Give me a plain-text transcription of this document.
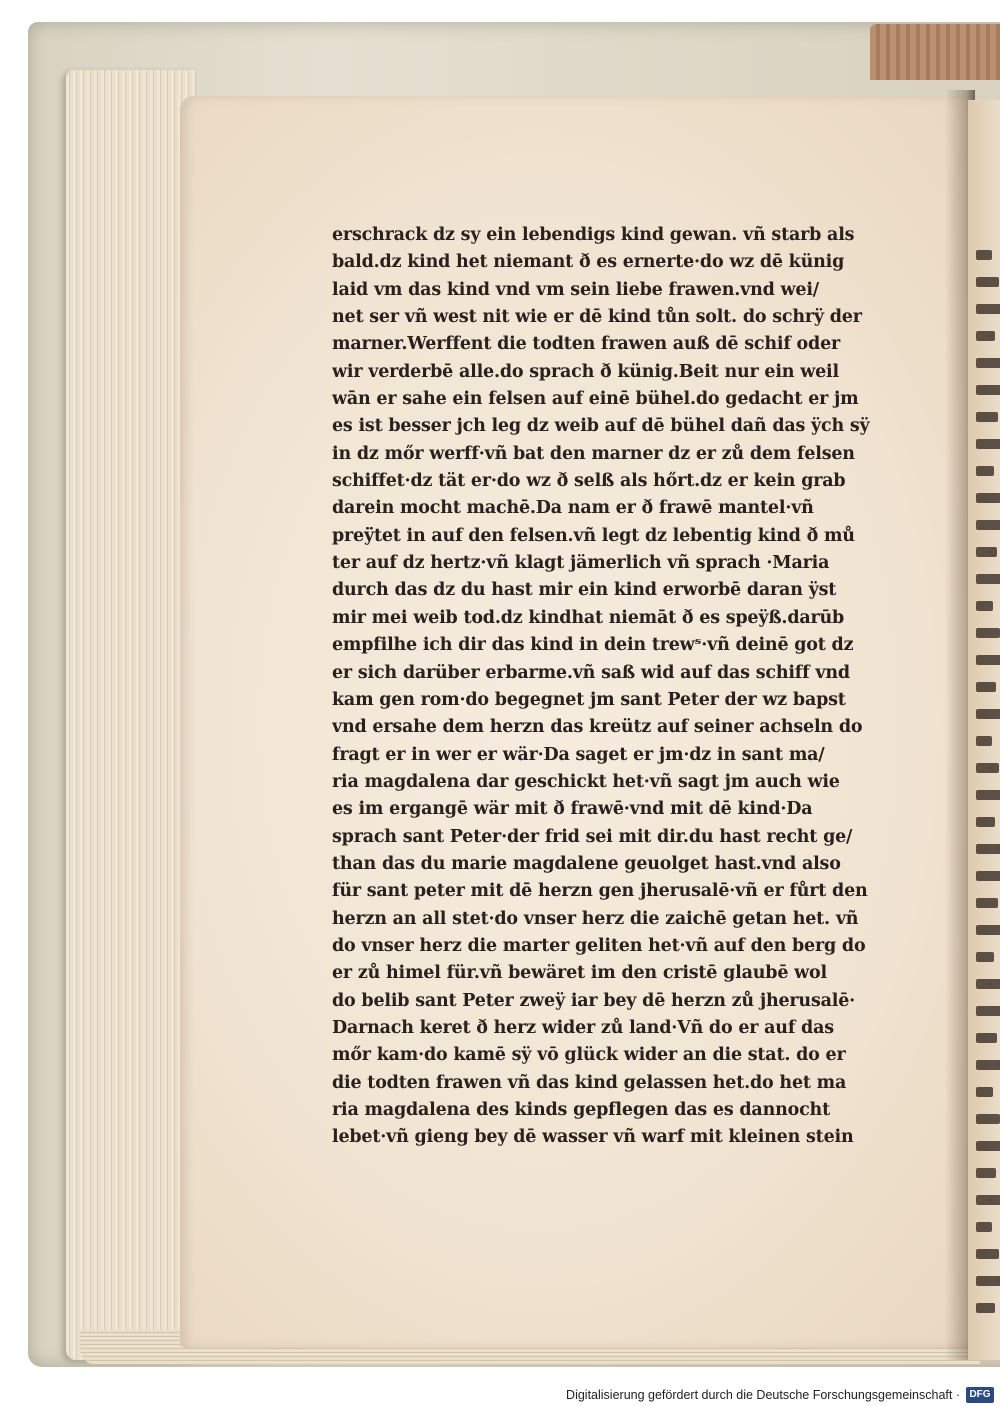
erschrack dz sy ein lebendigs kind gewan. vñ starb als
bald.dz kind het niemant ð es ernerte·do wz dē künig
laid vm das kind vnd vm sein liebe frawen.vnd wei/
net ser vñ west nit wie er dē kind tůn solt. do schrÿ der
marner.Werffent die todten frawen auß dē schif oder
wir verderbē alle.do sprach ð künig.Beit nur ein weil
wān er sahe ein felsen auf einē bühel.do gedacht er jm
es ist besser jch leg dz weib auf dē bühel dañ das ÿch sÿ
in dz mőr werff·vñ bat den marner dz er zů dem felsen
schiffet·dz tät er·do wz ð selß als hőrt.dz er kein grab
darein mocht machē.Da nam er ð frawē mantel·vñ
preÿ̈tet in auf den felsen.vñ legt dz lebentig kind ð mů
ter auf dz hertz·vñ klagt jämerlich vñ sprach ·Maria
durch das dz du hast mir ein kind erworbē daran ÿst
mir mei weib tod.dz kindhat niemāt ð es speÿß.darūb
empfilhe ich dir das kind in dein trewˢ·vñ deinē got dz
er sich darüber erbarme.vñ saß wid auf das schiff vnd
kam gen rom·do begegnet jm sant Peter der wz bapst
vnd ersahe dem herzn das kreütz auf seiner achseln do
fragt er in wer er wär·Da saget er jm·dz in sant ma/
ria magdalena dar geschickt het·vñ sagt jm auch wie
es im ergangē wär mit ð frawē·vnd mit dē kind·Da
sprach sant Peter·der frid sei mit dir.du hast recht ge/
than das du marie magdalene geuolget hast.vnd also
für sant peter mit dē herzn gen jherusalē·vñ er fůrt den
herzn an all stet·do vnser herz die zaichē getan het. vñ
do vnser herz die marter geliten het·vñ auf den berg do
er zů himel für.vñ bewäret im den cristē glaubē wol
do belib sant Peter zweÿ iar bey dē herzn zů jherusalē·
Darnach keret ð herz wider zů land·Vñ do er auf das
mőr kam·do kamē sÿ vō glück wider an die stat. do er
die todten frawen vñ das kind gelassen het.do het ma
ria magdalena des kinds gepflegen das es dannocht
lebet·vñ gieng bey dē wasser vñ warf mit kleinen stein
Digitalisierung gefördert durch die Deutsche Forschungsgemeinschaft · DFG
